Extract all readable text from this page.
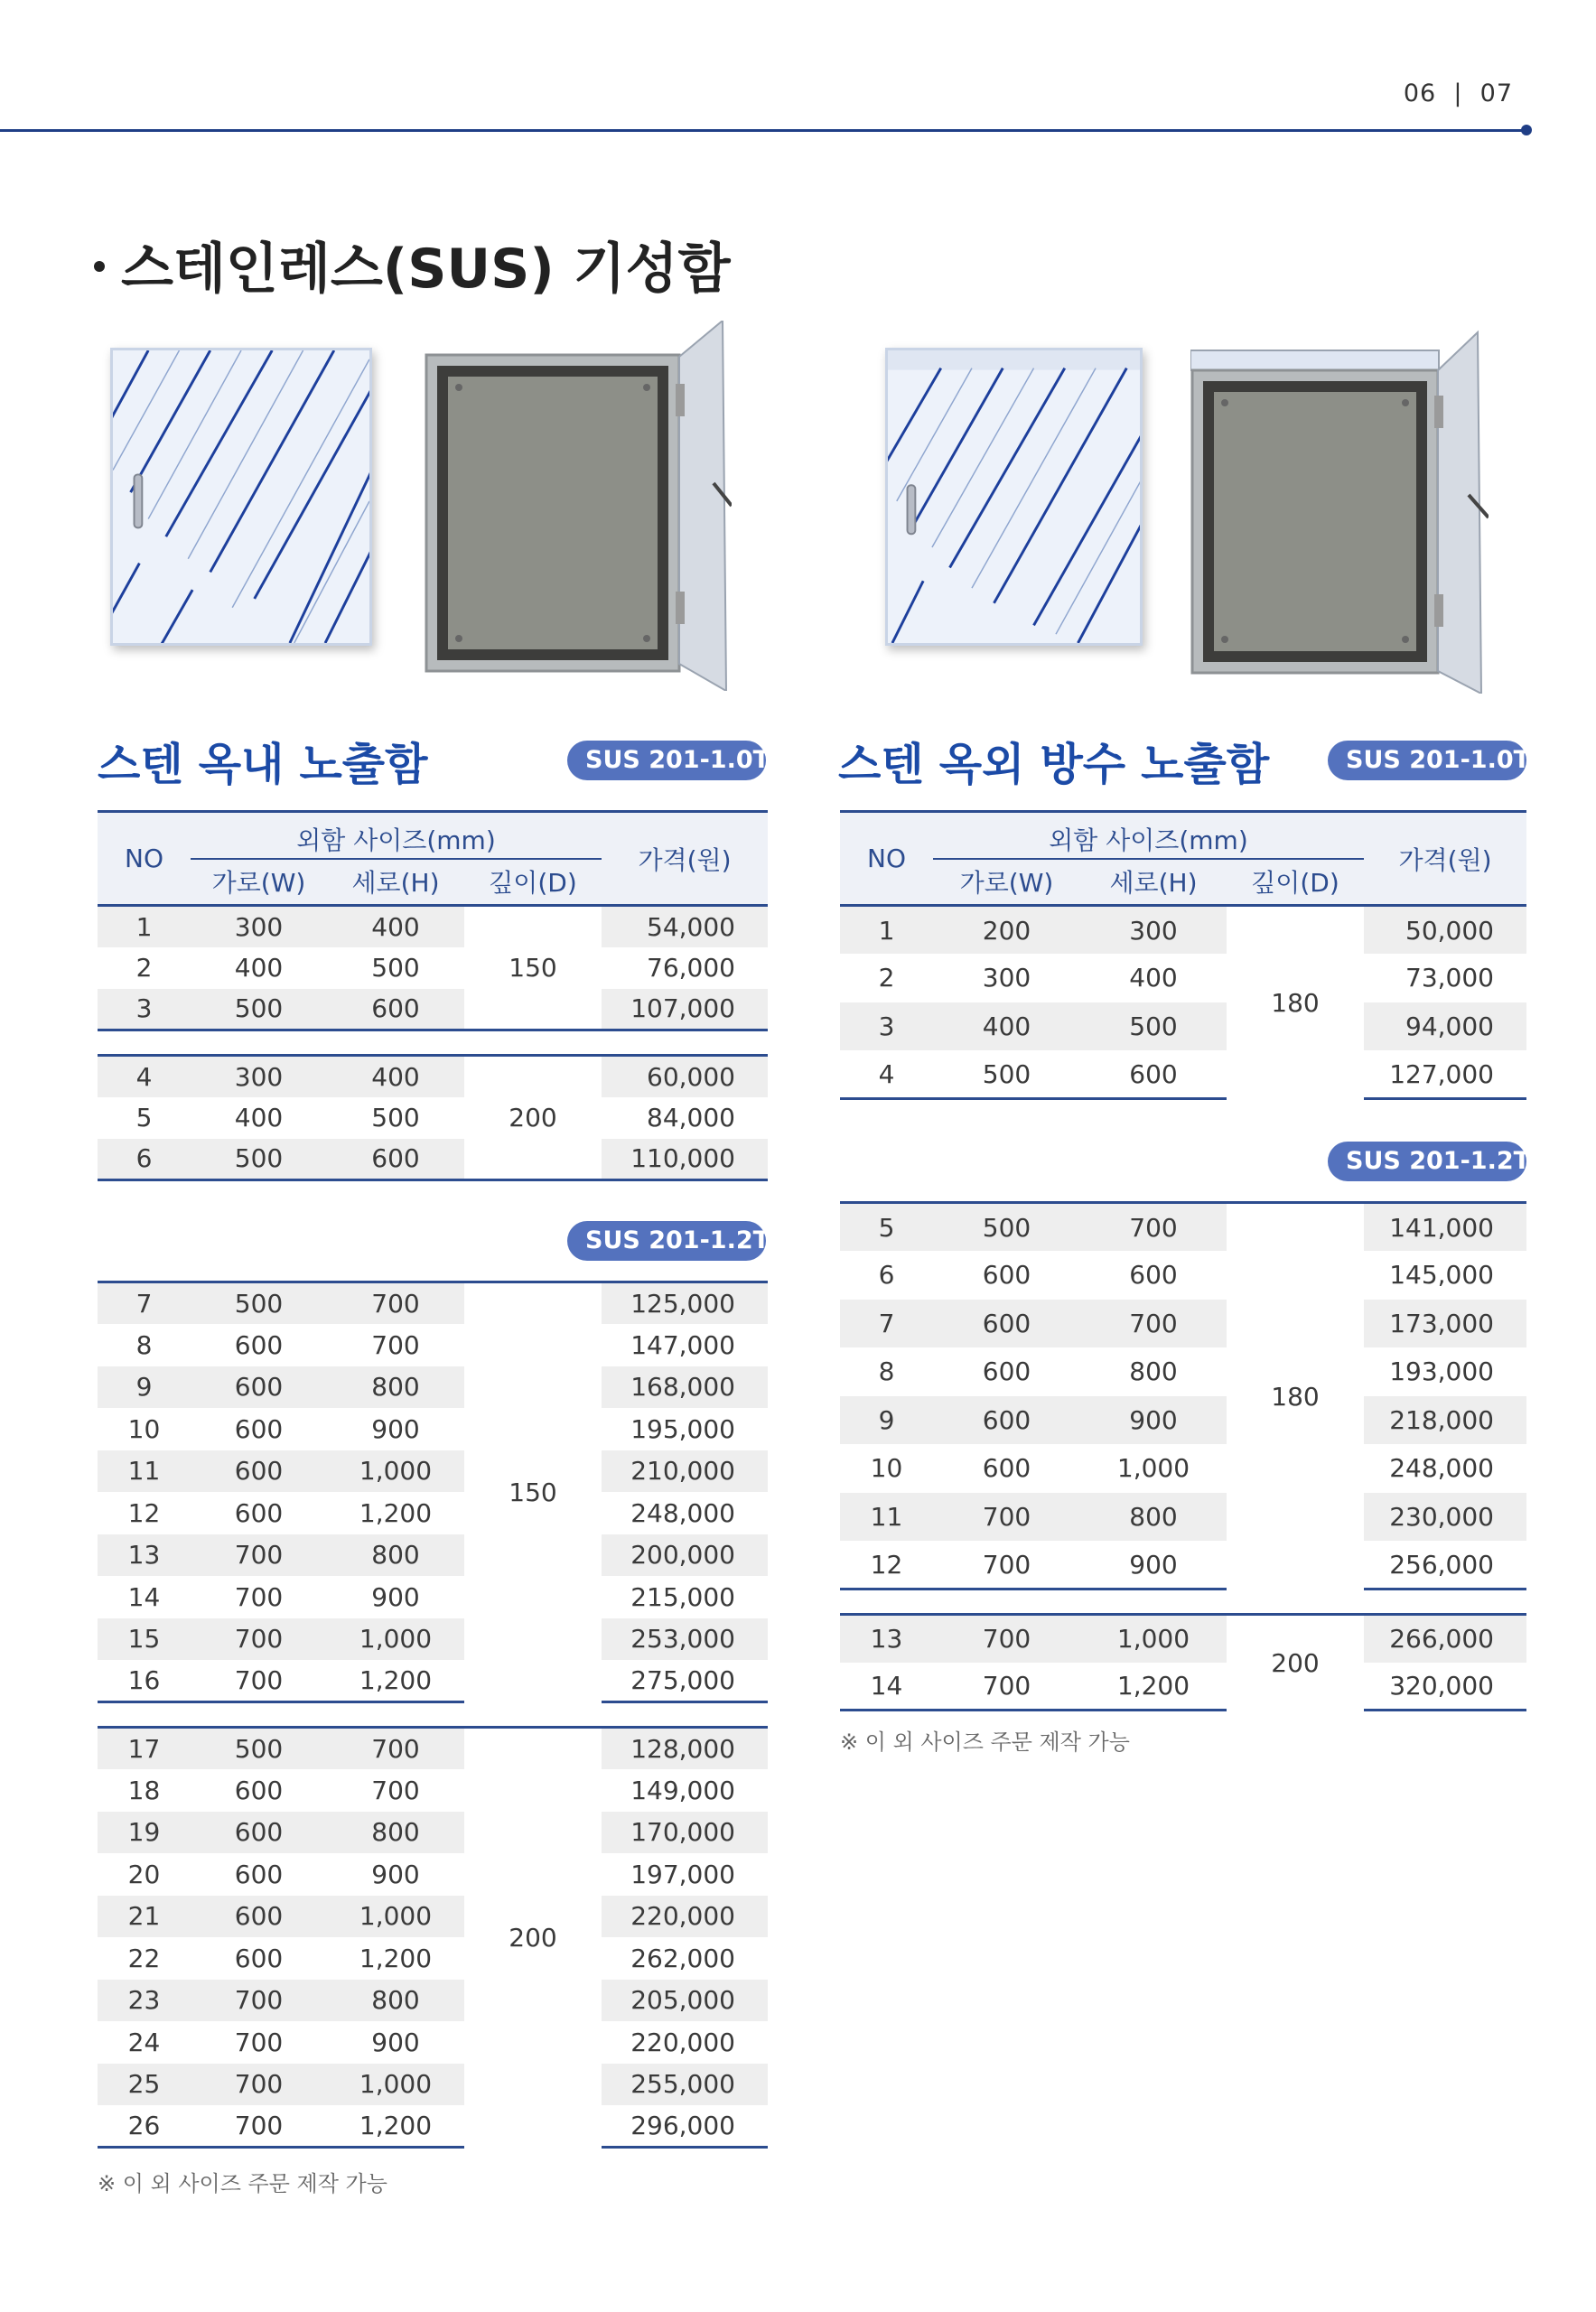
06  |  07
스테인레스(SUS) 기성함
스텐 옥내 노출함	SUS 201-1.0T
NO	외함 사이즈(mm)			가격(원)
	가로(W)	세로(H)	깊이(D)	
1	300	400	150	54,000
2	400	500		76,000
3	500	600		107,000

4	300	400	200	60,000
5	400	500		84,000
6	500	600		110,000
SUS 201-1.2T
7	500	700	150	125,000
8	600	700		147,000
9	600	800		168,000
10	600	900		195,000
11	600	1,000		210,000
12	600	1,200		248,000
13	700	800		200,000
14	700	900		215,000
15	700	1,000		253,000
16	700	1,200		275,000

17	500	700	200	128,000
18	600	700		149,000
19	600	800		170,000
20	600	900		197,000
21	600	1,000		220,000
22	600	1,200		262,000
23	700	800		205,000
24	700	900		220,000
25	700	1,000		255,000
26	700	1,200		296,000
※ 이 외 사이즈 주문 제작 가능
스텐 옥외 방수 노출함	SUS 201-1.0T
NO	외함 사이즈(mm)			가격(원)
	가로(W)	세로(H)	깊이(D)	
1	200	300	180	50,000
2	300	400		73,000
3	400	500		94,000
4	500	600		127,000
SUS 201-1.2T
5	500	700	180	141,000
6	600	600		145,000
7	600	700		173,000
8	600	800		193,000
9	600	900		218,000
10	600	1,000		248,000
11	700	800		230,000
12	700	900		256,000

13	700	1,000	200	266,000
14	700	1,200		320,000
※ 이 외 사이즈 주문 제작 가능
